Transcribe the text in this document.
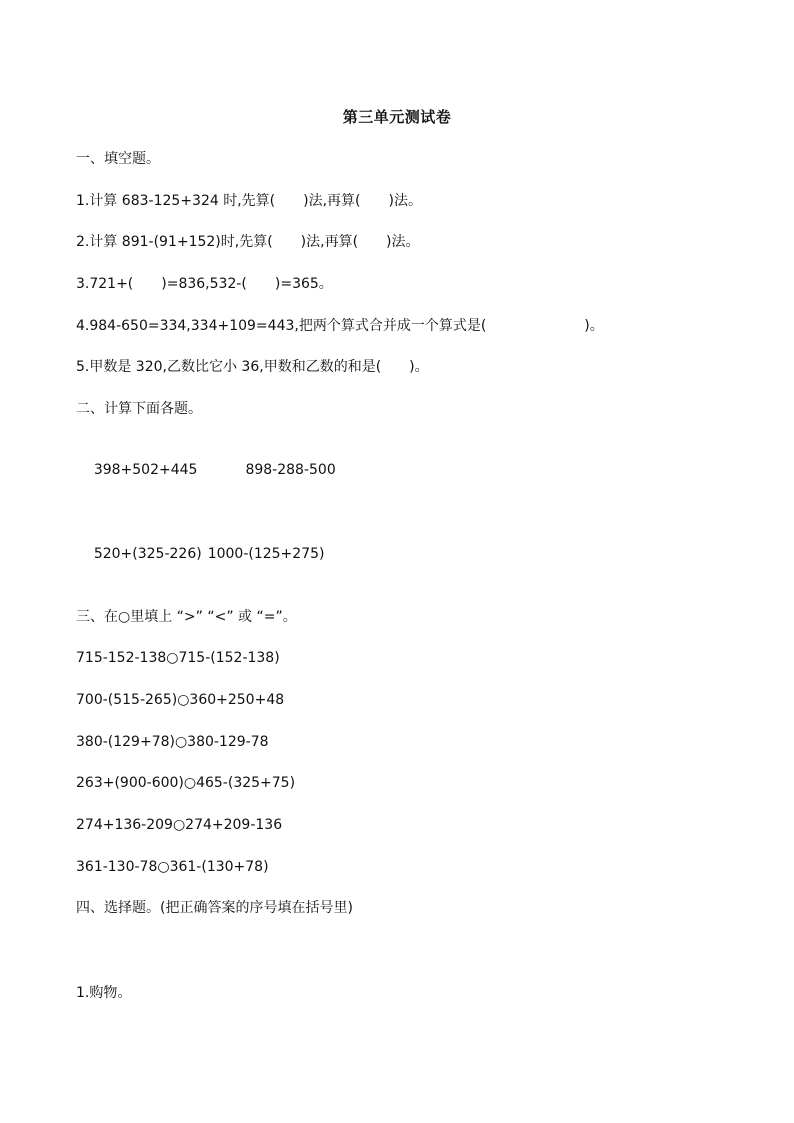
第三单元测试卷
一、填空题。
1.计算 683-125+324 时,先算(　　)法,再算(　　)法。
2.计算 891-(91+152)时,先算(　　)法,再算(　　)法。
3.721+(　　)=836,532-(　　)=365。
4.984-650=334,334+109=443,把两个算式合并成一个算式是(　　　　　　　)。
5.甲数是 320,乙数比它小 36,甲数和乙数的和是(　　)。
二、计算下面各题。

398+502+445	898-288-500

520+(325-226) 1000-(125+275)

三、在○里填上 “>” “<” 或 “=”。
715-152-138○715-(152-138)
700-(515-265)○360+250+48
380-(129+78)○380-129-78
263+(900-600)○465-(325+75)
274+136-209○274+209-136
361-130-78○361-(130+78)
四、选择题。(把正确答案的序号填在括号里)
1.购物。
